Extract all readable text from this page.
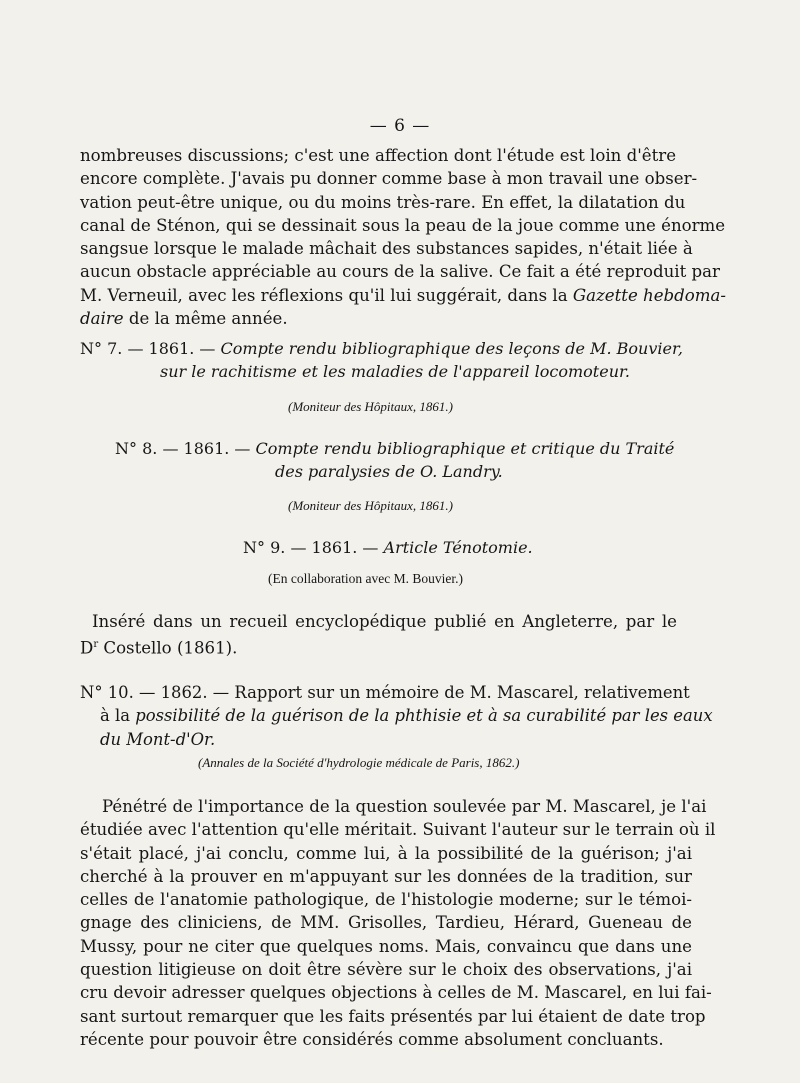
— 6 —
nombreuses discussions; c'est une affection dont l'étude est loin d'être
encore complète. J'avais pu donner comme base à mon travail une obser-
vation peut-être unique, ou du moins très-rare. En effet, la dilatation du
canal de Sténon, qui se dessinait sous la peau de la joue comme une énorme
sangsue lorsque le malade mâchait des substances sapides, n'était liée à
aucun obstacle appréciable au cours de la salive. Ce fait a été reproduit par
M. Verneuil, avec les réflexions qu'il lui suggérait, dans la Gazette hebdoma-
daire de la même année.
N° 7. — 1861. — Compte rendu bibliographique des leçons de M. Bouvier,
sur le rachitisme et les maladies de l'appareil locomoteur.
(Moniteur des Hôpitaux, 1861.)
N° 8. — 1861. — Compte rendu bibliographique et critique du Traité
des paralysies de O. Landry.
(Moniteur des Hôpitaux, 1861.)
N° 9. — 1861. — Article Ténotomie.
(En collaboration avec M. Bouvier.)
Inséré dans un recueil encyclopédique publié en Angleterre, par le
$D^r$ Costello (1861).
N° 10. — 1862. — Rapport sur un mémoire de M. Mascarel, relativement
à la possibilité de la guérison de la phthisie et à sa curabilité par les eaux
du Mont-d'Or.
(Annales de la Société d'hydrologie médicale de Paris, 1862.)
Pénétré de l'importance de la question soulevée par M. Mascarel, je l'ai
étudiée avec l'attention qu'elle méritait. Suivant l'auteur sur le terrain où il
s'était placé, j'ai conclu, comme lui, à la possibilité de la guérison; j'ai
cherché à la prouver en m'appuyant sur les données de la tradition, sur
celles de l'anatomie pathologique, de l'histologie moderne; sur le témoi-
gnage des cliniciens, de MM. Grisolles, Tardieu, Hérard, Gueneau de
Mussy, pour ne citer que quelques noms. Mais, convaincu que dans une
question litigieuse on doit être sévère sur le choix des observations, j'ai
cru devoir adresser quelques objections à celles de M. Mascarel, en lui fai-
sant surtout remarquer que les faits présentés par lui étaient de date trop
récente pour pouvoir être considérés comme absolument concluants.
